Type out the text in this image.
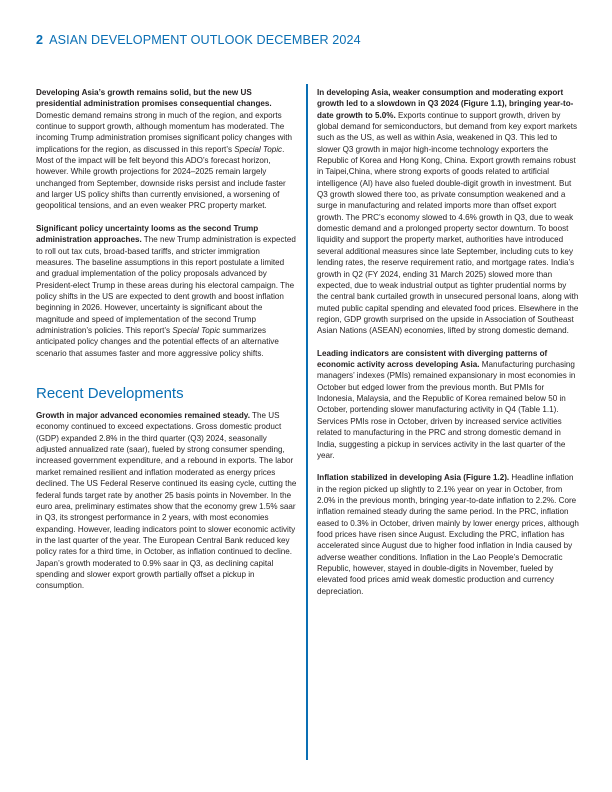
2 ASIAN DEVELOPMENT OUTLOOK DECEMBER 2024

Developing Asia’s growth remains solid, but the new US presidential administration promises consequential changes. Domestic demand remains strong in much of the region, and exports continue to support growth, although momentum has moderated. The incoming Trump administration promises significant policy changes with implications for the region, as discussed in this report’s Special Topic. Most of the impact will be felt beyond this ADO’s forecast horizon, however. While growth projections for 2024–2025 remain largely unchanged from September, downside risks persist and include faster and larger US policy shifts than currently envisioned, a worsening of geopolitical tensions, and an even weaker PRC property market.

Significant policy uncertainty looms as the second Trump administration approaches. The new Trump administration is expected to roll out tax cuts, broad-based tariffs, and stricter immigration measures. The baseline assumptions in this report postulate a limited and gradual implementation of the policy proposals advanced by President-elect Trump in these areas during his electoral campaign. The policy shifts in the US are expected to dent growth and boost inflation beginning in 2026. However, uncertainty is significant about the magnitude and speed of implementation of the second Trump administration’s policies. This report’s Special Topic summarizes anticipated policy changes and the potential effects of an alternative scenario that assumes faster and more aggressive policy shifts.

Recent Developments

Growth in major advanced economies remained steady. The US economy continued to exceed expectations. Gross domestic product (GDP) expanded 2.8% in the third quarter (Q3) 2024, seasonally adjusted annualized rate (saar), fueled by strong consumer spending, increased government expenditure, and a rebound in exports. The labor market remained resilient and inflation moderated as energy prices declined. The US Federal Reserve continued its easing cycle, cutting the federal funds target rate by another 25 basis points in November. In the euro area, preliminary estimates show that the economy grew 1.5% saar in Q3, its strongest performance in 2 years, with most economies expanding. However, leading indicators point to slower economic activity in the last quarter of the year. The European Central Bank reduced key policy rates for a third time, in October, as inflation continued to decline. Japan’s growth moderated to 0.9% saar in Q3, as declining capital spending and slower export growth partially offset a pickup in consumption.

In developing Asia, weaker consumption and moderating export growth led to a slowdown in Q3 2024 (Figure 1.1), bringing year-to-date growth to 5.0%. Exports continue to support growth, driven by global demand for semiconductors, but demand from key export markets such as the US, as well as within Asia, weakened in Q3. This led to slower Q3 growth in major high-income technology exporters the Republic of Korea and Hong Kong, China. Export growth remains robust in Taipei,China, where strong exports of goods related to artificial intelligence (AI) have also fueled double-digit growth in investment. But Q3 growth slowed there too, as private consumption weakened and a surge in manufacturing and related imports more than offset export growth. The PRC’s economy slowed to 4.6% growth in Q3, due to weak domestic demand and a prolonged property sector downturn. To boost liquidity and support the property market, authorities have introduced several additional measures since late September, including cuts to key lending rates, the reserve requirement ratio, and mortgage rates. India’s growth in Q2 (FY 2024, ending 31 March 2025) slowed more than expected, due to weak industrial output as tighter prudential norms by the central bank curtailed growth in unsecured personal loans, along with muted public capital spending and elevated food prices. Elsewhere in the region, GDP growth surprised on the upside in Association of Southeast Asian Nations (ASEAN) economies, lifted by strong domestic demand.

Leading indicators are consistent with diverging patterns of economic activity across developing Asia. Manufacturing purchasing managers’ indexes (PMIs) remained expansionary in most economies in October but edged lower from the previous month. But PMIs for Indonesia, Malaysia, and the Republic of Korea remained below 50 in October, portending slower manufacturing activity in Q4 (Table 1.1). Services PMIs rose in October, driven by increased service activities related to manufacturing in the PRC and strong domestic demand in India, suggesting a pickup in services activity in the last quarter of the year.

Inflation stabilized in developing Asia (Figure 1.2). Headline inflation in the region picked up slightly to 2.1% year on year in October, from 2.0% in the previous month, bringing year-to-date inflation to 2.2%. Core inflation remained steady during the same period. In the PRC, inflation eased to 0.3% in October, driven mainly by lower energy prices, although food prices have risen since August. Excluding the PRC, inflation has accelerated since August due to higher food inflation in India caused by adverse weather conditions. Inflation in the Lao People’s Democratic Republic, however, stayed in double-digits in November, fueled by elevated food prices amid weak domestic production and currency depreciation.
